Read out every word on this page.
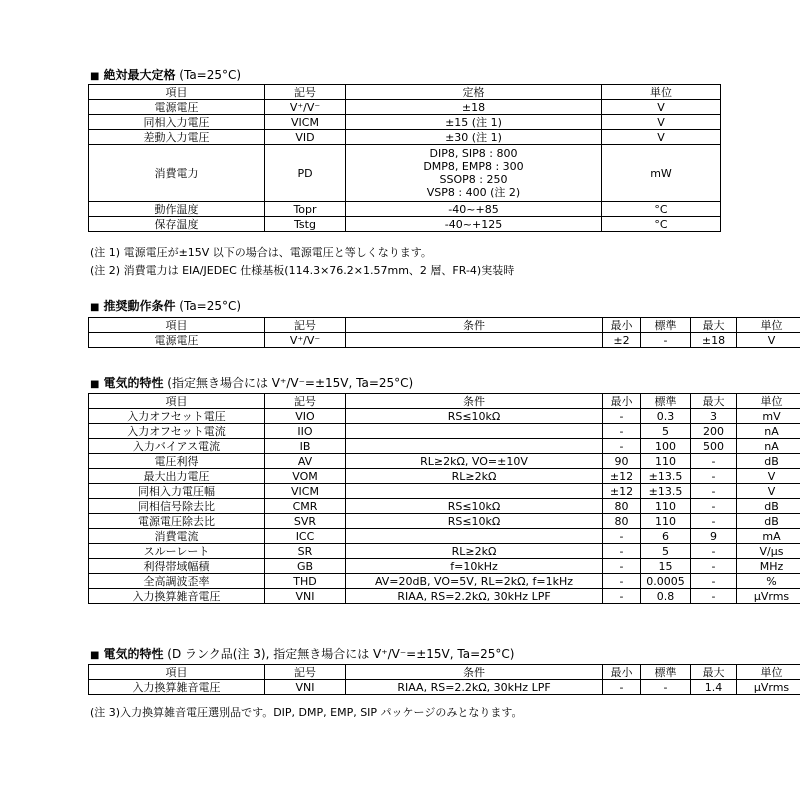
■ 絶対最大定格 (Ta=25°C)
項目	記号	定格	単位
電源電圧	V⁺/V⁻	±18	V
同相入力電圧	VICM	±15 (注 1)	V
差動入力電圧	VID	±30 (注 1)	V
消費電力	PD	DIP8, SIP8 : 800
DMP8, EMP8 : 300
SSOP8 : 250
VSP8 : 400 (注 2)	mW
動作温度	Topr	-40~+85	°C
保存温度	Tstg	-40~+125	°C
(注 1) 電源電圧が±15V 以下の場合は、電源電圧と等しくなります。
(注 2) 消費電力は EIA/JEDEC 仕様基板(114.3×76.2×1.57mm、2 層、FR-4)実装時
■ 推奨動作条件 (Ta=25°C)
項目	記号	条件	最小	標準	最大	単位
電源電圧	V⁺/V⁻		±2	-	±18	V
■ 電気的特性 (指定無き場合には V⁺/V⁻=±15V, Ta=25°C)
項目	記号	条件	最小	標準	最大	単位
入力オフセット電圧	VIO	RS≤10kΩ	-	0.3	3	mV
入力オフセット電流	IIO		-	5	200	nA
入力バイアス電流	IB		-	100	500	nA
電圧利得	AV	RL≥2kΩ, VO=±10V	90	110	-	dB
最大出力電圧	VOM	RL≥2kΩ	±12	±13.5	-	V
同相入力電圧幅	VICM		±12	±13.5	-	V
同相信号除去比	CMR	RS≤10kΩ	80	110	-	dB
電源電圧除去比	SVR	RS≤10kΩ	80	110	-	dB
消費電流	ICC		-	6	9	mA
スルーレート	SR	RL≥2kΩ	-	5	-	V/µs
利得帯域幅積	GB	f=10kHz	-	15	-	MHz
全高調波歪率	THD	AV=20dB, VO=5V, RL=2kΩ, f=1kHz	-	0.0005	-	%
入力換算雑音電圧	VNI	RIAA, RS=2.2kΩ, 30kHz LPF	-	0.8	-	µVrms
■ 電気的特性 (D ランク品(注 3), 指定無き場合には V⁺/V⁻=±15V, Ta=25°C)
項目	記号	条件	最小	標準	最大	単位
入力換算雑音電圧	VNI	RIAA, RS=2.2kΩ, 30kHz LPF	-	-	1.4	µVrms
(注 3)入力換算雑音電圧選別品です。DIP, DMP, EMP, SIP パッケージのみとなります。
